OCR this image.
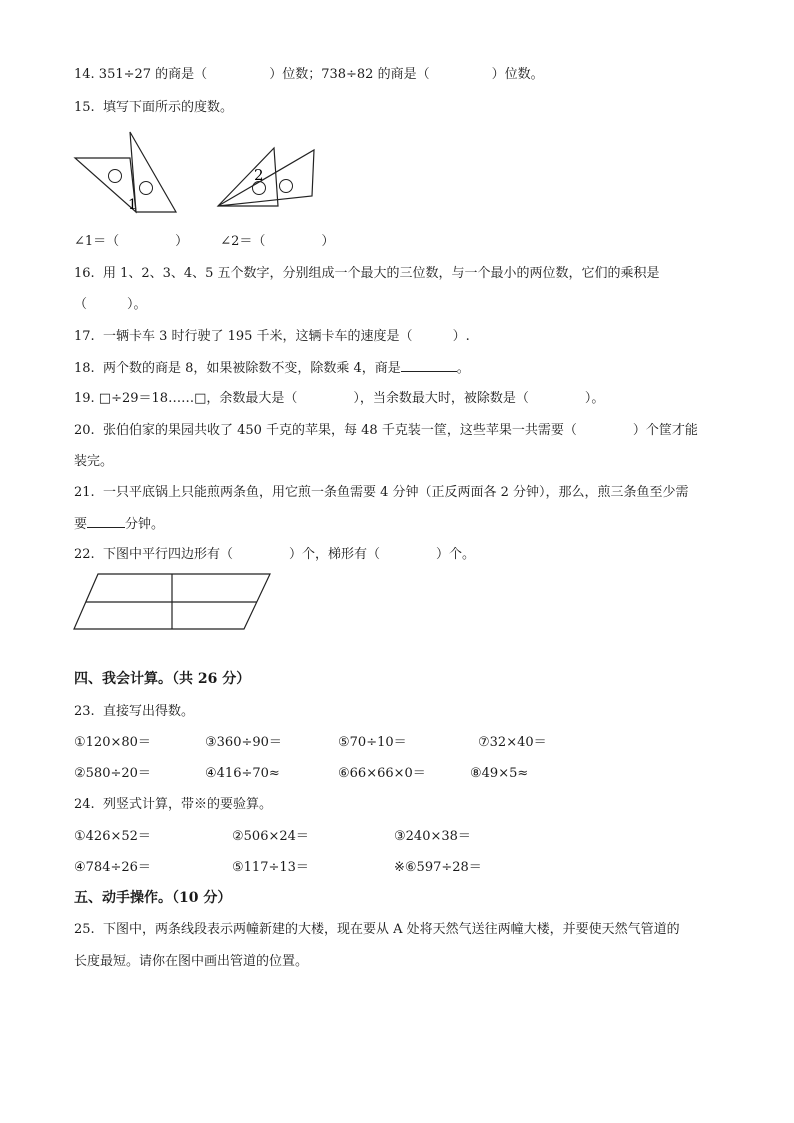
14. 351÷27 的商是（	）位数；738÷82 的商是（	）位数。
15.  填写下面所示的度数。
1
2
∠1＝（	） ∠2＝（	）
16.  用 1、2、3、4、5 五个数字，分别组成一个最大的三位数，与一个最小的两位数，它们的乘积是
（	）。
17.  一辆卡车 3 时行驶了 195 千米，这辆卡车的速度是（	）.
18.  两个数的商是 8，如果被除数不变，除数乘 4，商是	。
19. □÷29＝18……□，余数最大是（	），当余数最大时，被除数是（	）。
20.  张伯伯家的果园共收了 450 千克的苹果，每 48 千克装一筐，这些苹果一共需要（	）个筐才能
装完。
21.  一只平底锅上只能煎两条鱼，用它煎一条鱼需要 4 分钟（正反两面各 2 分钟），那么，煎三条鱼至少需
要	分钟。
22.  下图中平行四边形有（	）个，梯形有（	）个。
四、我会计算。（共 26 分）
23.  直接写出得数。
①120×80＝	③360÷90＝	⑤70÷10＝	⑦32×40＝
②580÷20＝	④416÷70≈	⑥66×66×0＝	⑧49×5≈
24.  列竖式计算，带※的要验算。
①426×52＝	②506×24＝	③240×38＝
④784÷26＝	⑤117÷13＝	※⑥597÷28＝
五、动手操作。（10 分）
25.  下图中，两条线段表示两幢新建的大楼，现在要从 A 处将天然气送往两幢大楼，并要使天然气管道的
长度最短。请你在图中画出管道的位置。
